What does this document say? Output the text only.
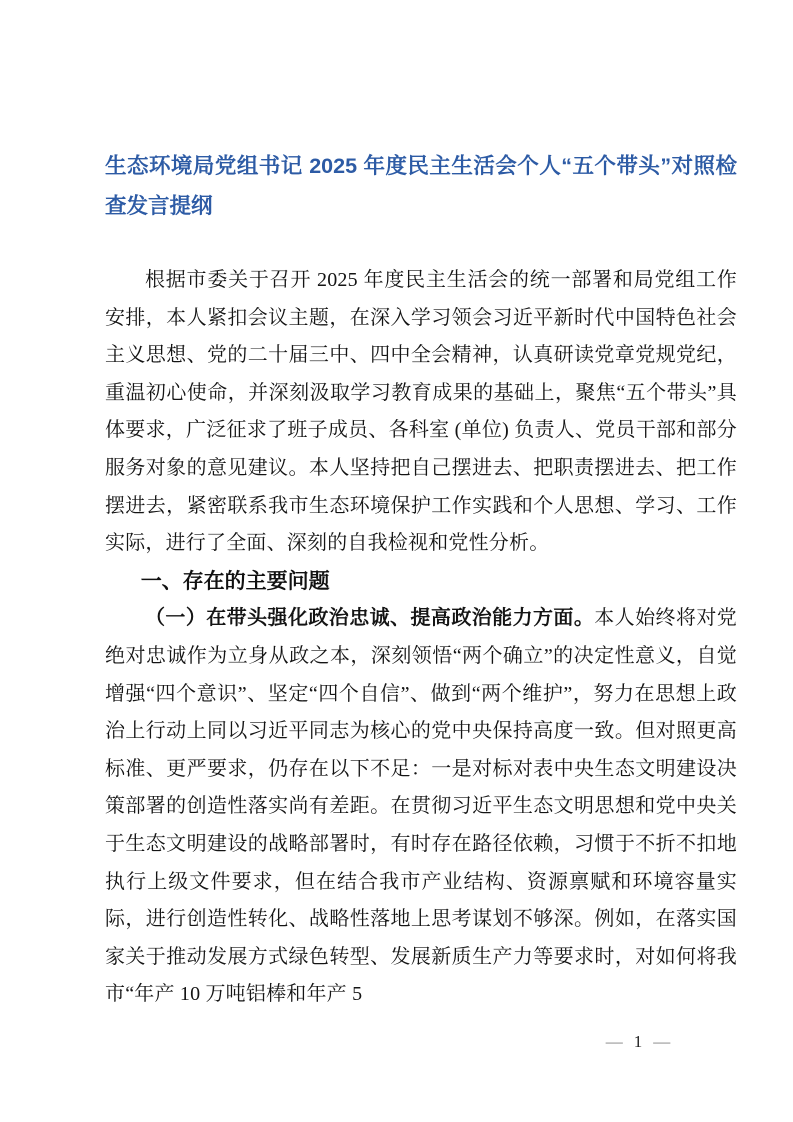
生态环境局党组书记 2025 年度民主生活会个人“五个带头”对照检查发言提纲

根据市委关于召开 2025 年度民主生活会的统一部署和局党组工作安排，本人紧扣会议主题，在深入学习领会习近平新时代中国特色社会主义思想、党的二十届三中、四中全会精神，认真研读党章党规党纪，重温初心使命，并深刻汲取学习教育成果的基础上，聚焦“五个带头”具体要求，广泛征求了班子成员、各科室 (单位) 负责人、党员干部和部分服务对象的意见建议。本人坚持把自己摆进去、把职责摆进去、把工作摆进去，紧密联系我市生态环境保护工作实践和个人思想、学习、工作实际，进行了全面、深刻的自我检视和党性分析。

一、存在的主要问题

（一）在带头强化政治忠诚、提高政治能力方面。本人始终将对党绝对忠诚作为立身从政之本，深刻领悟“两个确立”的决定性意义，自觉增强“四个意识”、坚定“四个自信”、做到“两个维护”，努力在思想上政治上行动上同以习近平同志为核心的党中央保持高度一致。但对照更高标准、更严要求，仍存在以下不足：一是对标对表中央生态文明建设决策部署的创造性落实尚有差距。在贯彻习近平生态文明思想和党中央关于生态文明建设的战略部署时，有时存在路径依赖，习惯于不折不扣地执行上级文件要求，但在结合我市产业结构、资源禀赋和环境容量实际，进行创造性转化、战略性落地上思考谋划不够深。例如，在落实国家关于推动发展方式绿色转型、发展新质生产力等要求时，对如何将我市“年产 10 万吨铝棒和年产 5

— 1 —
